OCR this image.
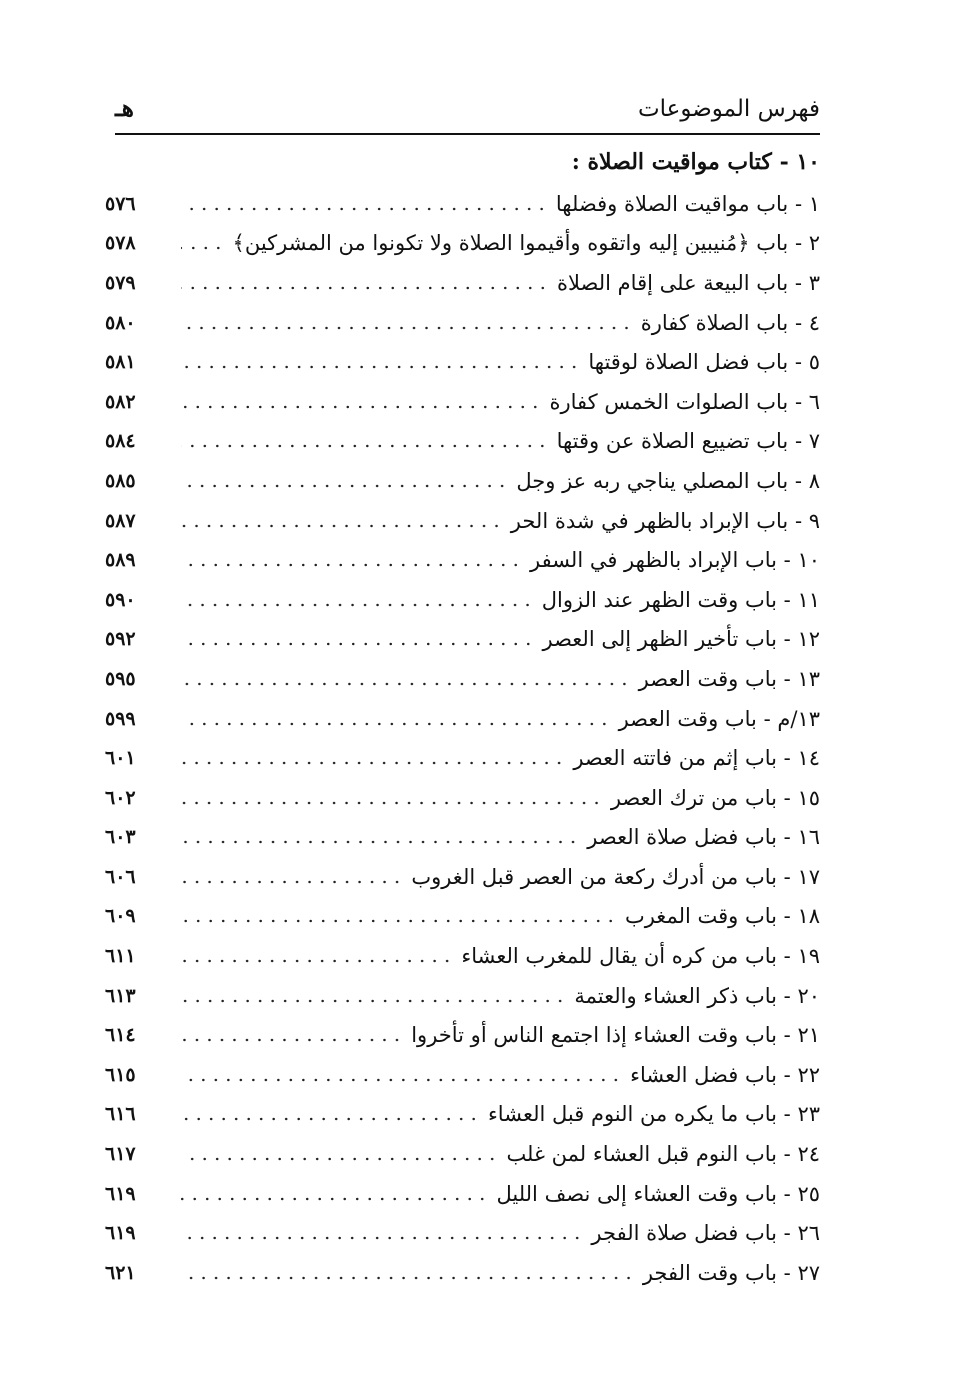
فهرس الموضوعات
هـ
١٠ - كتاب مواقيت الصلاة :
١ - باب مواقيت الصلاة وفضلها
٥٧٦
٢ - باب ﴿مُنيبين إليه واتقوه وأقيموا الصلاة ولا تكونوا من المشركين﴾
٥٧٨
٣ - باب البيعة على إقام الصلاة
٥٧٩
٤ - باب الصلاة كفارة
٥٨٠
٥ - باب فضل الصلاة لوقتها
٥٨١
٦ - باب الصلوات الخمس كفارة
٥٨٢
٧ - باب تضييع الصلاة عن وقتها
٥٨٤
٨ - باب المصلي يناجي ربه عز وجل
٥٨٥
٩ - باب الإبراد بالظهر في شدة الحر
٥٨٧
١٠ - باب الإبراد بالظهر في السفر
٥٨٩
١١ - باب وقت الظهر عند الزوال
٥٩٠
١٢ - باب تأخير الظهر إلى العصر
٥٩٢
١٣ - باب وقت العصر
٥٩٥
١٣/م - باب وقت العصر
٥٩٩
١٤ - باب إثم من فاتته العصر
٦٠١
١٥ - باب من ترك العصر
٦٠٢
١٦ - باب فضل صلاة العصر
٦٠٣
١٧ - باب من أدرك ركعة من العصر قبل الغروب
٦٠٦
١٨ - باب وقت المغرب
٦٠٩
١٩ - باب من كره أن يقال للمغرب العشاء
٦١١
٢٠ - باب ذكر العشاء والعتمة
٦١٣
٢١ - باب وقت العشاء إذا اجتمع الناس أو تأخروا
٦١٤
٢٢ - باب فضل العشاء
٦١٥
٢٣ - باب ما يكره من النوم قبل العشاء
٦١٦
٢٤ - باب النوم قبل العشاء لمن غلب
٦١٧
٢٥ - باب وقت العشاء إلى نصف الليل
٦١٩
٢٦ - باب فضل صلاة الفجر
٦١٩
٢٧ - باب وقت الفجر
٦٢١
